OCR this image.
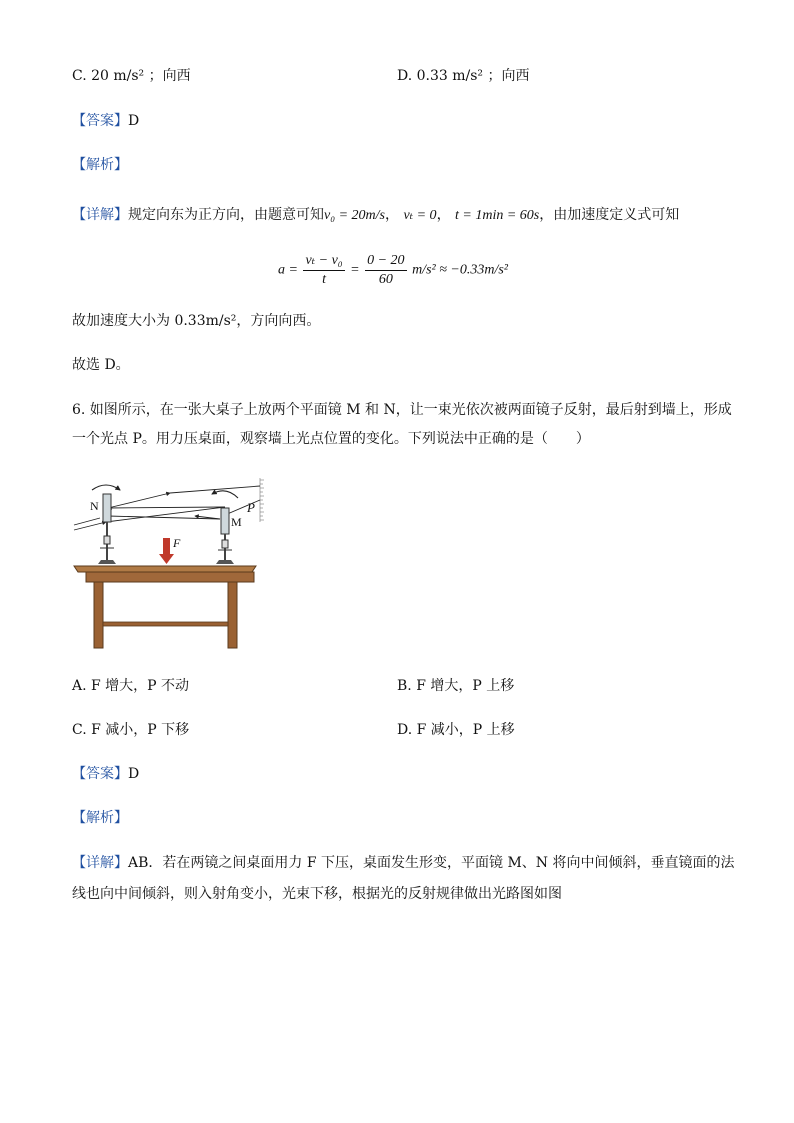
C. 20 m/s² ；向西	D. 0.33 m/s² ；向西
【答案】D
【解析】
【详解】规定向东为正方向，由题意可知v₀ = 20m/s， vₜ = 0， t = 1min = 60s，由加速度定义式可知
$a = \frac{\text{vₜ − v₀}}{t} = \frac{0 - 20}{60} m/s^2 \approx -0.33m/s^2$
故加速度大小为 0.33m/s²，方向向西。
故选 D。
6. 如图所示，在一张大桌子上放两个平面镜 M 和 N，让一束光依次被两面镜子反射，最后射到墙上，形成
一个光点 P。用力压桌面，观察墙上光点位置的变化。下列说法中正确的是（　　）
N
M
P
F
A. F 增大，P 不动	B. F 增大，P 上移
C. F 减小，P 下移	D. F 减小，P 上移
【答案】D
【解析】
【详解】AB．若在两镜之间桌面用力 F 下压，桌面发生形变，平面镜 M、N 将向中间倾斜，垂直镜面的法
线也向中间倾斜，则入射角变小，光束下移，根据光的反射规律做出光路图如图
